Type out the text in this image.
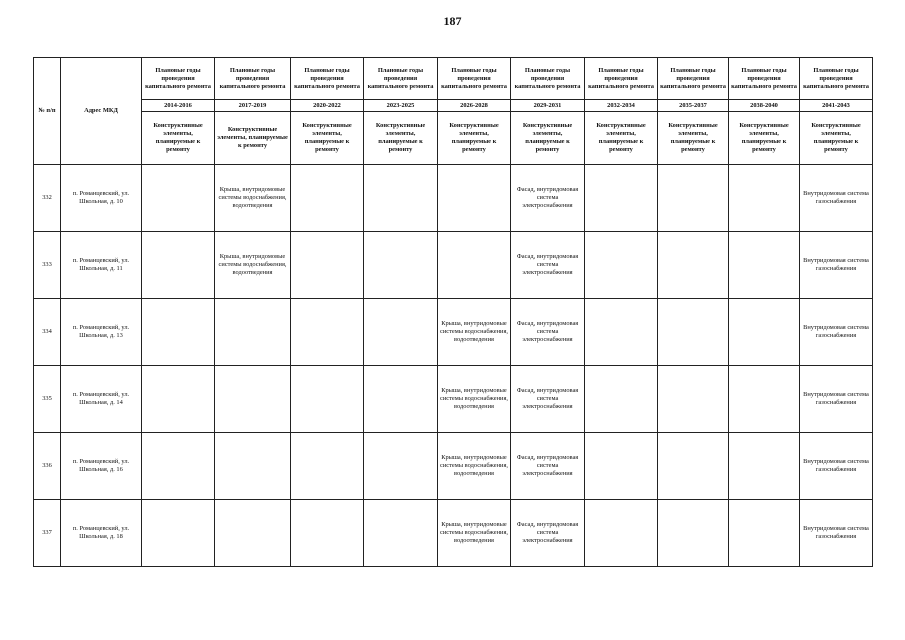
187
№ п/п	Адрес МКД	Плановые годы проведения капитального ремонта	Плановые годы проведения капитального ремонта	Плановые годы проведения капитального ремонта	Плановые годы проведения капитального ремонта	Плановые годы проведения капитального ремонта	Плановые годы проведения капитального ремонта	Плановые годы проведения капитального ремонта	Плановые годы проведения капитального ремонта	Плановые годы проведения капитального ремонта	Плановые годы проведения капитального ремонта
		2014-2016	2017-2019	2020-2022	2023-2025	2026-2028	2029-2031	2032-2034	2035-2037	2038-2040	2041-2043
		Конструктивные элементы, планируемые к ремонту	Конструктивные элементы, планируемые к ремонту	Конструктивные элементы, планируемые к ремонту	Конструктивные элементы, планируемые к ремонту	Конструктивные элементы, планируемые к ремонту	Конструктивные элементы, планируемые к ремонту	Конструктивные элементы, планируемые к ремонту	Конструктивные элементы, планируемые к ремонту	Конструктивные элементы, планируемые к ремонту	Конструктивные элементы, планируемые к ремонту
332	п. Романцевский, ул. Школьная, д. 10		Крыша, внутридомовые системы водоснабжения, водоотведения				Фасад, внутридомовая система электроснабжения				Внутридомовая система газоснабжения
333	п. Романцевский, ул. Школьная, д. 11		Крыша, внутридомовые системы водоснабжения, водоотведения				Фасад, внутридомовая система электроснабжения				Внутридомовая система газоснабжения
334	п. Романцевский, ул. Школьная, д. 13					Крыша, внутридомовые системы водоснабжения, водоотведения	Фасад, внутридомовая система электроснабжения				Внутридомовая система газоснабжения
335	п. Романцевский, ул. Школьная, д. 14					Крыша, внутридомовые системы водоснабжения, водоотведения	Фасад, внутридомовая система электроснабжения				Внутридомовая система газоснабжения
336	п. Романцевский, ул. Школьная, д. 16					Крыша, внутридомовые системы водоснабжения, водоотведения	Фасад, внутридомовая система электроснабжения				Внутридомовая система газоснабжения
337	п. Романцевский, ул. Школьная, д. 18					Крыша, внутридомовые системы водоснабжения, водоотведения	Фасад, внутридомовая система электроснабжения				Внутридомовая система газоснабжения
